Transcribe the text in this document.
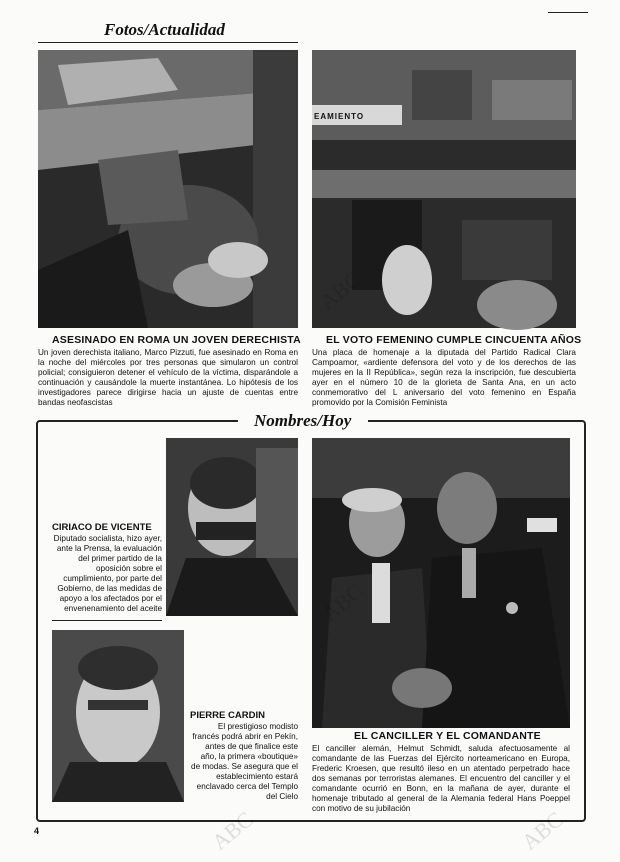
Fotos/Actualidad
EAMIENTO
ASESINADO EN ROMA UN JOVEN DERECHISTA EL VOTO FEMENINO CUMPLE CINCUENTA AÑOS
Un joven derechista italiano, Marco Pizzuti, fue asesinado en Roma en la noche del miércoles por tres personas que simularon un control policial; consiguieron detener el vehículo de la víctima, disparándole a continuación y causándole la muerte instantánea. Lo hipótesis de los investigadores parece dirigirse hacia un ajuste de cuentas entre bandas neofascistas
Una placa de homenaje a la diputada del Partido Radical Clara Campoamor, «ardiente defensora del voto y de los derechos de las mujeres en la II República», según reza la inscripción, fue descubierta ayer en el número 10 de la glorieta de Santa Ana, en un acto conmemorativo del L aniversario del voto femenino en España promovido por la Comisión Feminista
Nombres/Hoy
CIRIACO DE VICENTE
Diputado socialista, hizo ayer, ante la Prensa, la evaluación del primer partido de la oposición sobre el cumplimiento, por parte del Gobierno, de las medidas de apoyo a los afectados por el envenenamiento del aceite
PIERRE CARDIN
El prestigioso modisto francés podrá abrir en Pekín, antes de que finalice este año, la primera «boutique» de modas. Se asegura que el establecimiento estará enclavado cerca del Templo del Cielo
EL CANCILLER Y EL COMANDANTE
El canciller alemán, Helmut Schmidt, saluda afectuosamente al comandante de las Fuerzas del Ejército norteamericano en Europa, Frederic Kroesen, que resultó ileso en un atentado perpetrado hace dos semanas por terroristas alemanes. El encuentro del canciller y el comandante ocurrió en Bonn, en la mañana de ayer, durante el homenaje tributado al general de la Alemania federal Hans Poeppel con motivo de su jubilación
ABC
ABC
ABC	ABC
4
